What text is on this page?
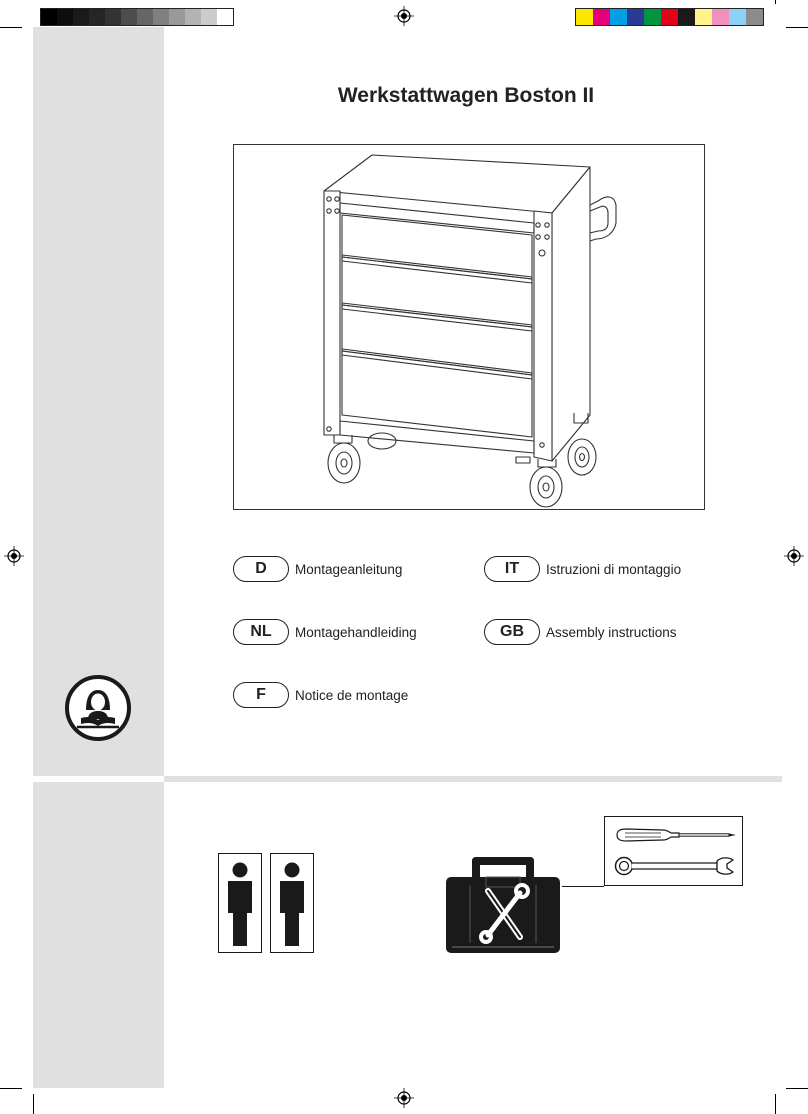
Werkstattwagen Boston II
D	Montageanleitung	IT	Istruzioni di montaggio
NL	Montagehandleiding	GB	Assembly instructions
F	Notice de montage
